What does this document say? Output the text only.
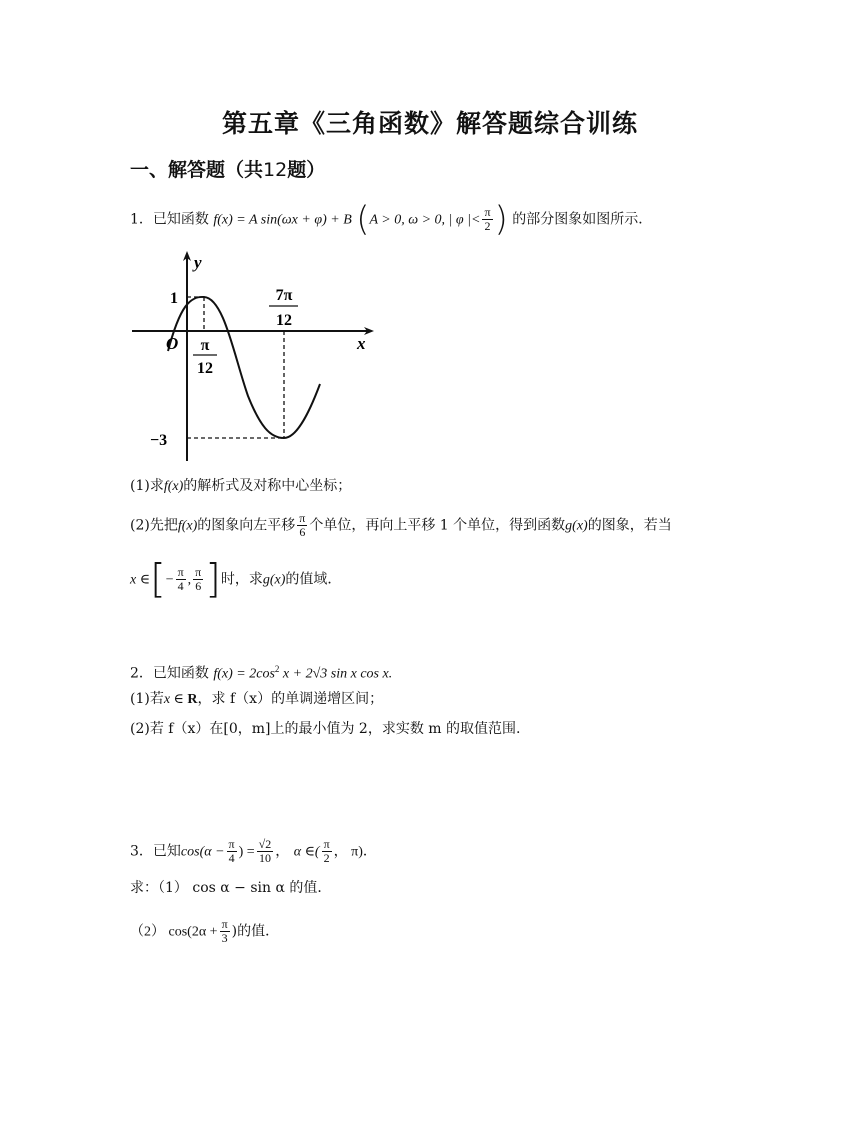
第五章《三角函数》解答题综合训练
一、解答题（共12题）
1．已知函数 f(x) = A sin(ωx + φ) + B (A > 0, ω > 0, | φ |< $\frac{\pi}{2}$ ) 的部分图象如图所示．
y
x
O
1
−3
π
12
7π
12
(1)求f(x)的解析式及对称中心坐标；
(2)先把f(x)的图象向左平移 $\frac{\pi}{6}$ 个单位，再向上平移 1 个单位，得到函数g(x)的图象，若当
x ∈[− $\frac{\pi}{4}$ , $\frac{\pi}{6}$ ]时，求g(x)的值域．
2．已知函数 $f(x) = 2\cos^2$ x + 2√3 sin x cos x.
(1)若x ∈ R，求 f（x）的单调递增区间；
(2)若 f（x）在[0，m]上的最小值为 2，求实数 m 的取值范围.
3．已知$\cos(\alpha - \frac{\pi}{4}$ ) = $\frac{√2}{10}$ ， α ∈( $\frac{\pi}{2}$ ， π)．
求：（1） cos α − sin α 的值．
（2） $\cos(2\alpha + \frac{\pi}{3}$ )的值．
